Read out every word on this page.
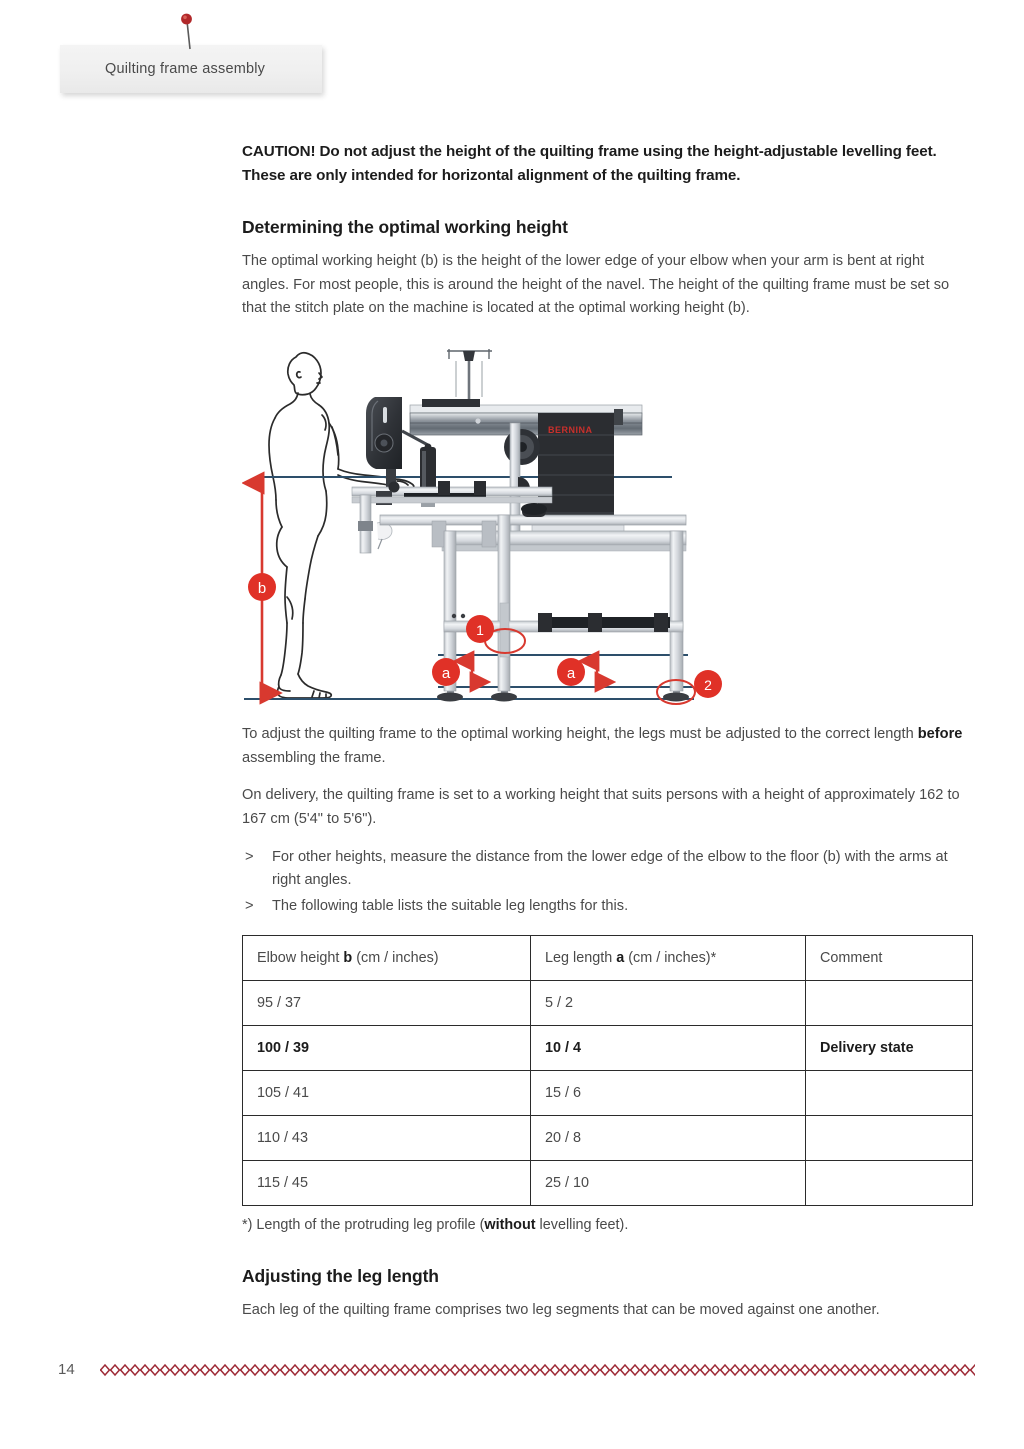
Quilting frame assembly

CAUTION! Do not adjust the height of the quilting frame using the height-adjustable levelling feet. These are only intended for horizontal alignment of the quilting frame.

Determining the optimal working height

The optimal working height (b) is the height of the lower edge of your elbow when your arm is bent at right angles. For most people, this is around the height of the navel. The height of the quilting frame must be set so that the stitch plate on the machine is located at the optimal working height (b).

BERNINA
b
a	a
1
2

To adjust the quilting frame to the optimal working height, the legs must be adjusted to the correct length before assembling the frame.

On delivery, the quilting frame is set to a working height that suits persons with a height of approximately 162 to 167 cm (5'4" to 5'6").

> For other heights, measure the distance from the lower edge of the elbow to the floor (b) with the arms at right angles.
> The following table lists the suitable leg lengths for this.
Elbow height b (cm / inches)	Leg length a (cm / inches)*	Comment
95 / 37	5 / 2	
100 / 39	10 / 4	Delivery state
105 / 41	15 / 6	
110 / 43	20 / 8	
115 / 45	25 / 10	

*) Length of the protruding leg profile (without levelling feet).

Adjusting the leg length

Each leg of the quilting frame comprises two leg segments that can be moved against one another.

14
